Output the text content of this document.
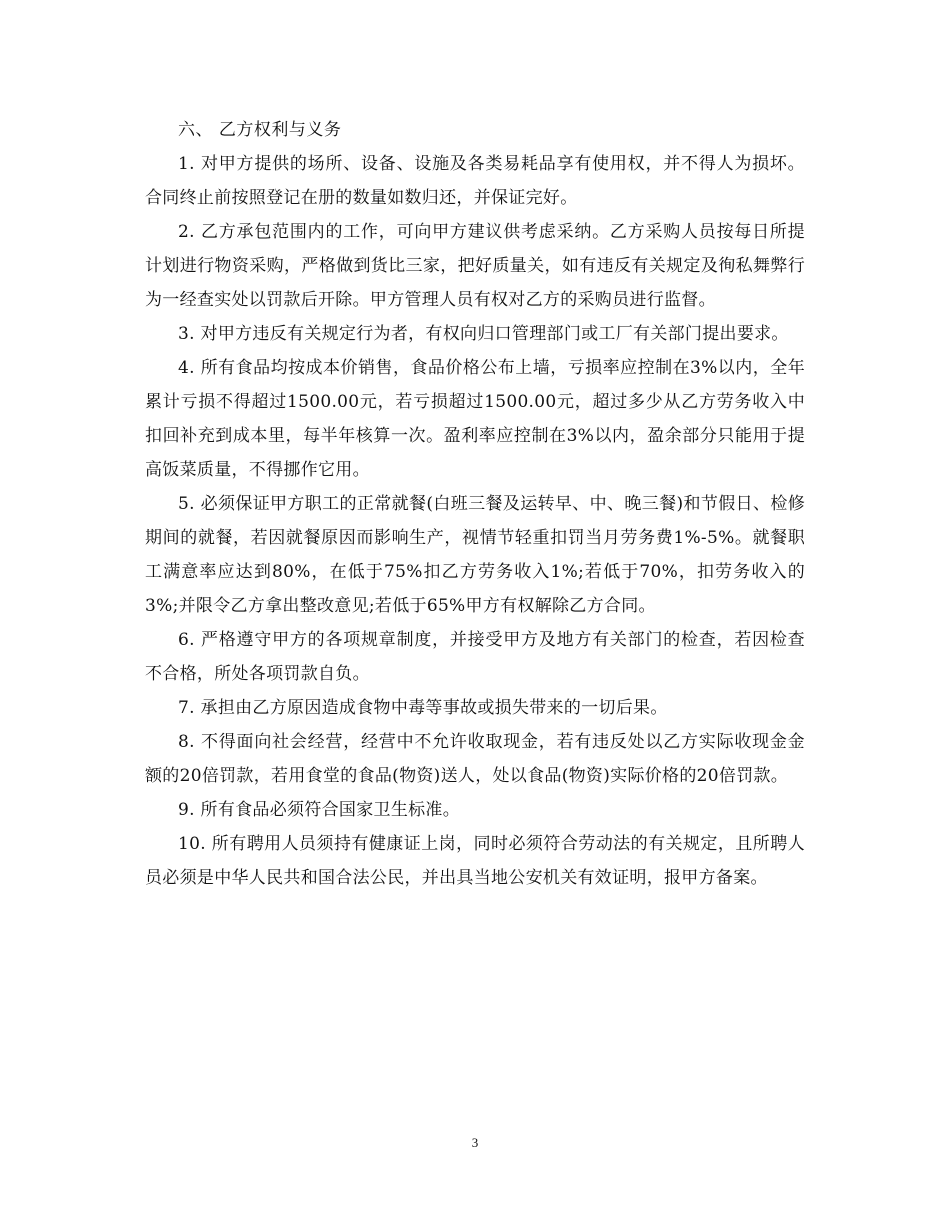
六、 乙方权利与义务

1. 对甲方提供的场所、设备、设施及各类易耗品享有使用权，并不得人为损坏。合同终止前按照登记在册的数量如数归还，并保证完好。

2. 乙方承包范围内的工作，可向甲方建议供考虑采纳。乙方采购人员按每日所提计划进行物资采购，严格做到货比三家，把好质量关，如有违反有关规定及徇私舞弊行为一经查实处以罚款后开除。甲方管理人员有权对乙方的采购员进行监督。

3. 对甲方违反有关规定行为者，有权向归口管理部门或工厂有关部门提出要求。

4. 所有食品均按成本价销售，食品价格公布上墙，亏损率应控制在3%以内，全年累计亏损不得超过1500.00元，若亏损超过1500.00元，超过多少从乙方劳务收入中扣回补充到成本里，每半年核算一次。盈利率应控制在3%以内，盈余部分只能用于提高饭菜质量，不得挪作它用。

5. 必须保证甲方职工的正常就餐(白班三餐及运转早、中、晚三餐)和节假日、检修期间的就餐，若因就餐原因而影响生产，视情节轻重扣罚当月劳务费1%-5%。就餐职工满意率应达到80%，在低于75%扣乙方劳务收入1%;若低于70%，扣劳务收入的3%;并限令乙方拿出整改意见;若低于65%甲方有权解除乙方合同。

6. 严格遵守甲方的各项规章制度，并接受甲方及地方有关部门的检查，若因检查不合格，所处各项罚款自负。

7. 承担由乙方原因造成食物中毒等事故或损失带来的一切后果。

8. 不得面向社会经营，经营中不允许收取现金，若有违反处以乙方实际收现金金额的20倍罚款，若用食堂的食品(物资)送人，处以食品(物资)实际价格的20倍罚款。

9. 所有食品必须符合国家卫生标准。

10. 所有聘用人员须持有健康证上岗，同时必须符合劳动法的有关规定，且所聘人员必须是中华人民共和国合法公民，并出具当地公安机关有效证明，报甲方备案。

3
